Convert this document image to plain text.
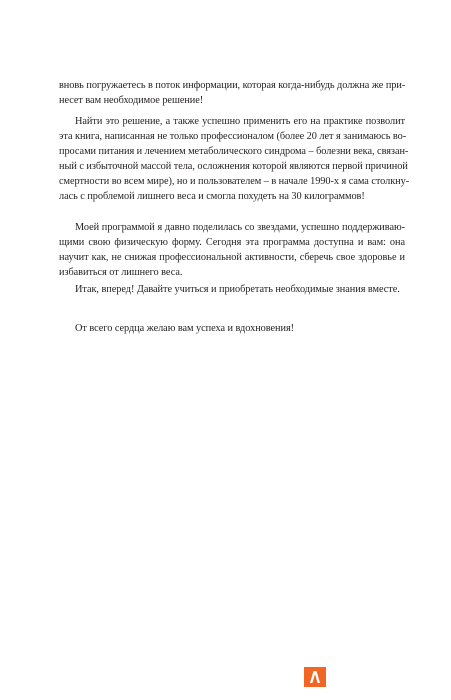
вновь погружаетесь в поток информации, которая когда-нибудь должна же при-
несет вам необходимое решение!
Найти это решение, а также успешно применить его на практике позволит
эта книга, написанная не только профессионалом (более 20 лет я занимаюсь во-
просами питания и лечением метаболического синдрома – болезни века, связан-
ный с избыточной массой тела, осложнения которой являются первой причиной
смертности во всем мире), но и пользователем – в начале 1990-х я сама столкну-
лась с проблемой лишнего веса и смогла похудеть на 30 килограммов!
Моей программой я давно поделилась со звездами, успешно поддерживаю-
щими свою физическую форму. Сегодня эта программа доступна и вам: она
научит как, не снижая профессиональной активности, сберечь свое здоровье и
избавиться от лишнего веса.
Итак, вперед! Давайте учиться и приобретать необходимые знания вместе.
От всего сердца желаю вам успеха и вдохновения!
